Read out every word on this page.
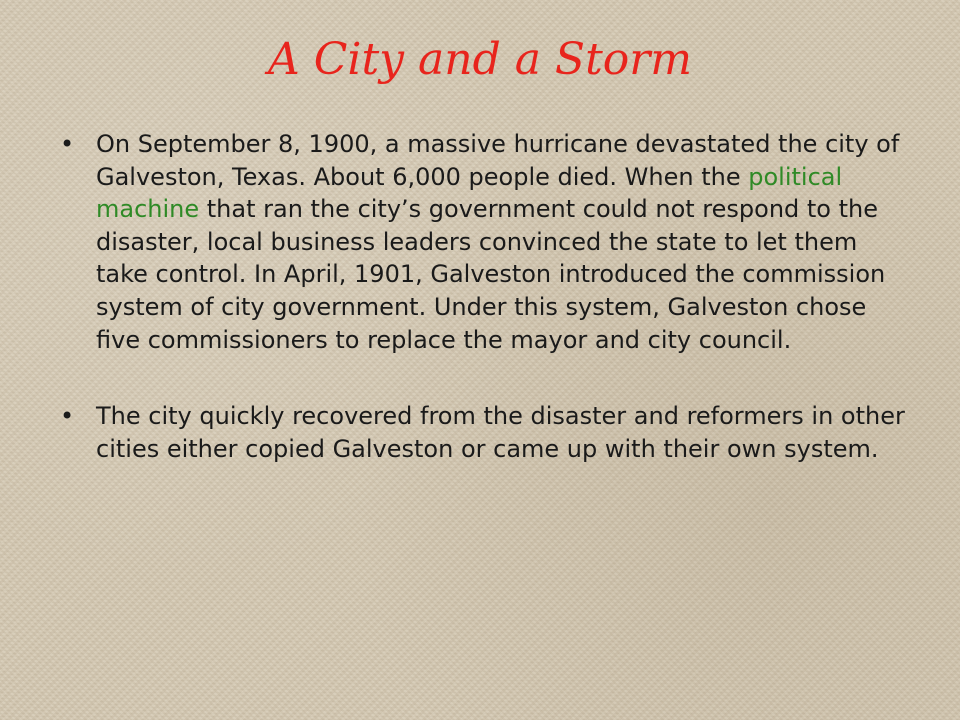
A City and a Storm
• On September 8, 1900, a massive hurricane devastated the city of Galveston, Texas. About 6,000 people died. When the political machine that ran the city’s government could not respond to the disaster, local business leaders convinced the state to let them take control. In April, 1901, Galveston introduced the commission system of city government. Under this system, Galveston chose five commissioners to replace the mayor and city council.
• The city quickly recovered from the disaster and reformers in other cities either copied Galveston or came up with their own system.
